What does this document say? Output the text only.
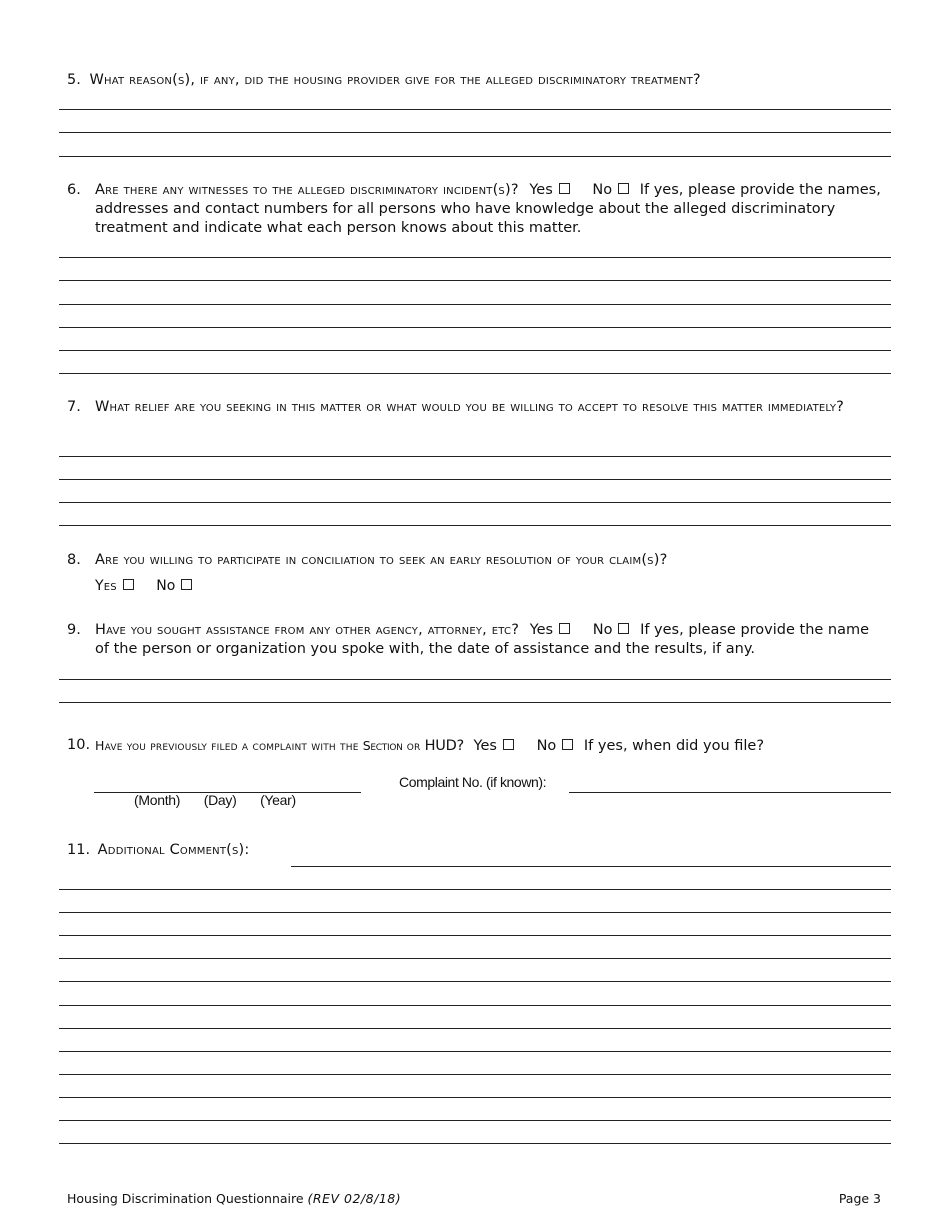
5. What reason(s), if any, did the housing provider give for the alleged discriminatory treatment?
6. Are there any witnesses to the alleged discriminatory incident(s)? Yes	No If yes, please provide the names, addresses and contact numbers for all persons who have knowledge about the alleged discriminatory treatment and indicate what each person knows about this matter.
7. What relief are you seeking in this matter or what would you be willing to accept to resolve this matter immediately?
8. Are you willing to participate in conciliation to seek an early resolution of your claim(s)?
Yes	No
9. Have you sought assistance from any other agency, attorney, etc? Yes	No If yes, please provide the name of the person or organization you spoke with, the date of assistance and the results, if any.
10. Have you previously filed a complaint with the Section or HUD? Yes	No If yes, when did you file?
(Month) (Day) (Year)
Complaint No. (if known):
11. Additional Comment(s):
Housing Discrimination Questionnaire (REV 02/8/18)	Page 3
